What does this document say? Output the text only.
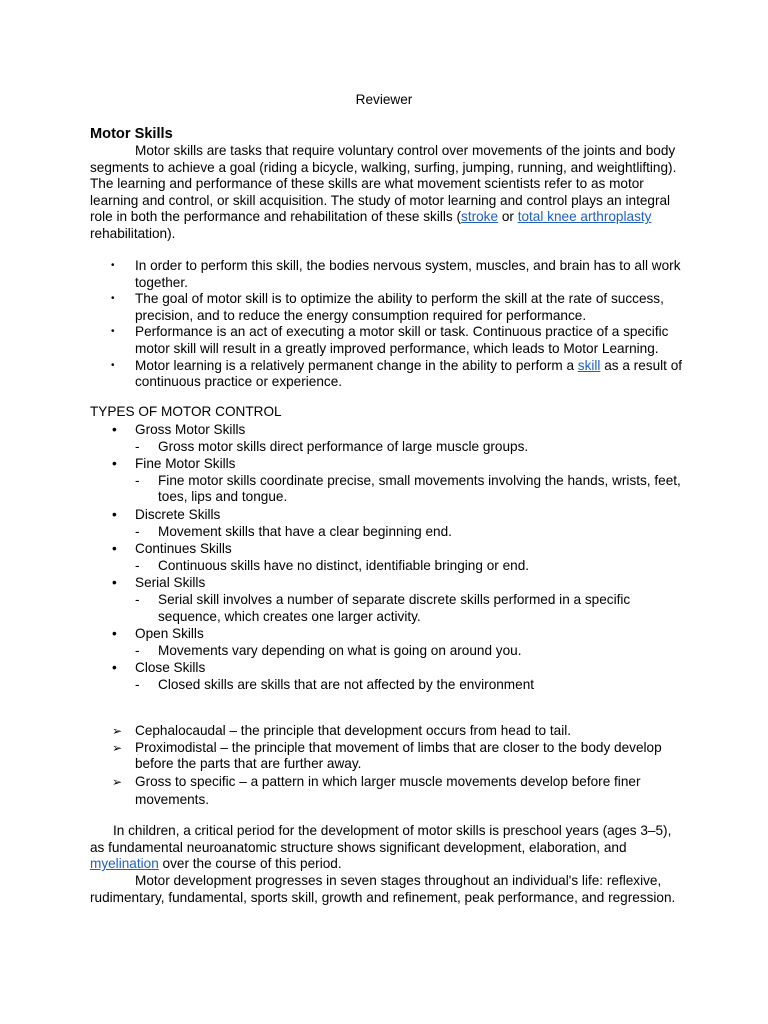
Reviewer
Motor Skills

Motor skills are tasks that require voluntary control over movements of the joints and body segments to achieve a goal (riding a bicycle, walking, surfing, jumping, running, and weightlifting). The learning and performance of these skills are what movement scientists refer to as motor learning and control, or skill acquisition. The study of motor learning and control plays an integral role in both the performance and rehabilitation of these skills (stroke or total knee arthroplasty rehabilitation).

• In order to perform this skill, the bodies nervous system, muscles, and brain has to all work together.
• The goal of motor skill is to optimize the ability to perform the skill at the rate of success, precision, and to reduce the energy consumption required for performance.
• Performance is an act of executing a motor skill or task. Continuous practice of a specific motor skill will result in a greatly improved performance, which leads to Motor Learning.
• Motor learning is a relatively permanent change in the ability to perform a skill as a result of continuous practice or experience.
TYPES OF MOTOR CONTROL
• Gross Motor Skills
- Gross motor skills direct performance of large muscle groups.
• Fine Motor Skills
- Fine motor skills coordinate precise, small movements involving the hands, wrists, feet, toes, lips and tongue.
• Discrete Skills
- Movement skills that have a clear beginning end.
• Continues Skills
- Continuous skills have no distinct, identifiable bringing or end.
• Serial Skills
- Serial skill involves a number of separate discrete skills performed in a specific sequence, which creates one larger activity.
• Open Skills
- Movements vary depending on what is going on around you.
• Close Skills
- Closed skills are skills that are not affected by the environment
➢ Cephalocaudal – the principle that development occurs from head to tail.
➢ Proximodistal – the principle that movement of limbs that are closer to the body develop before the parts that are further away.
➢ Gross to specific – a pattern in which larger muscle movements develop before finer movements.

In children, a critical period for the development of motor skills is preschool years (ages 3–5), as fundamental neuroanatomic structure shows significant development, elaboration, and myelination over the course of this period.

Motor development progresses in seven stages throughout an individual's life: reflexive, rudimentary, fundamental, sports skill, growth and refinement, peak performance, and regression.
